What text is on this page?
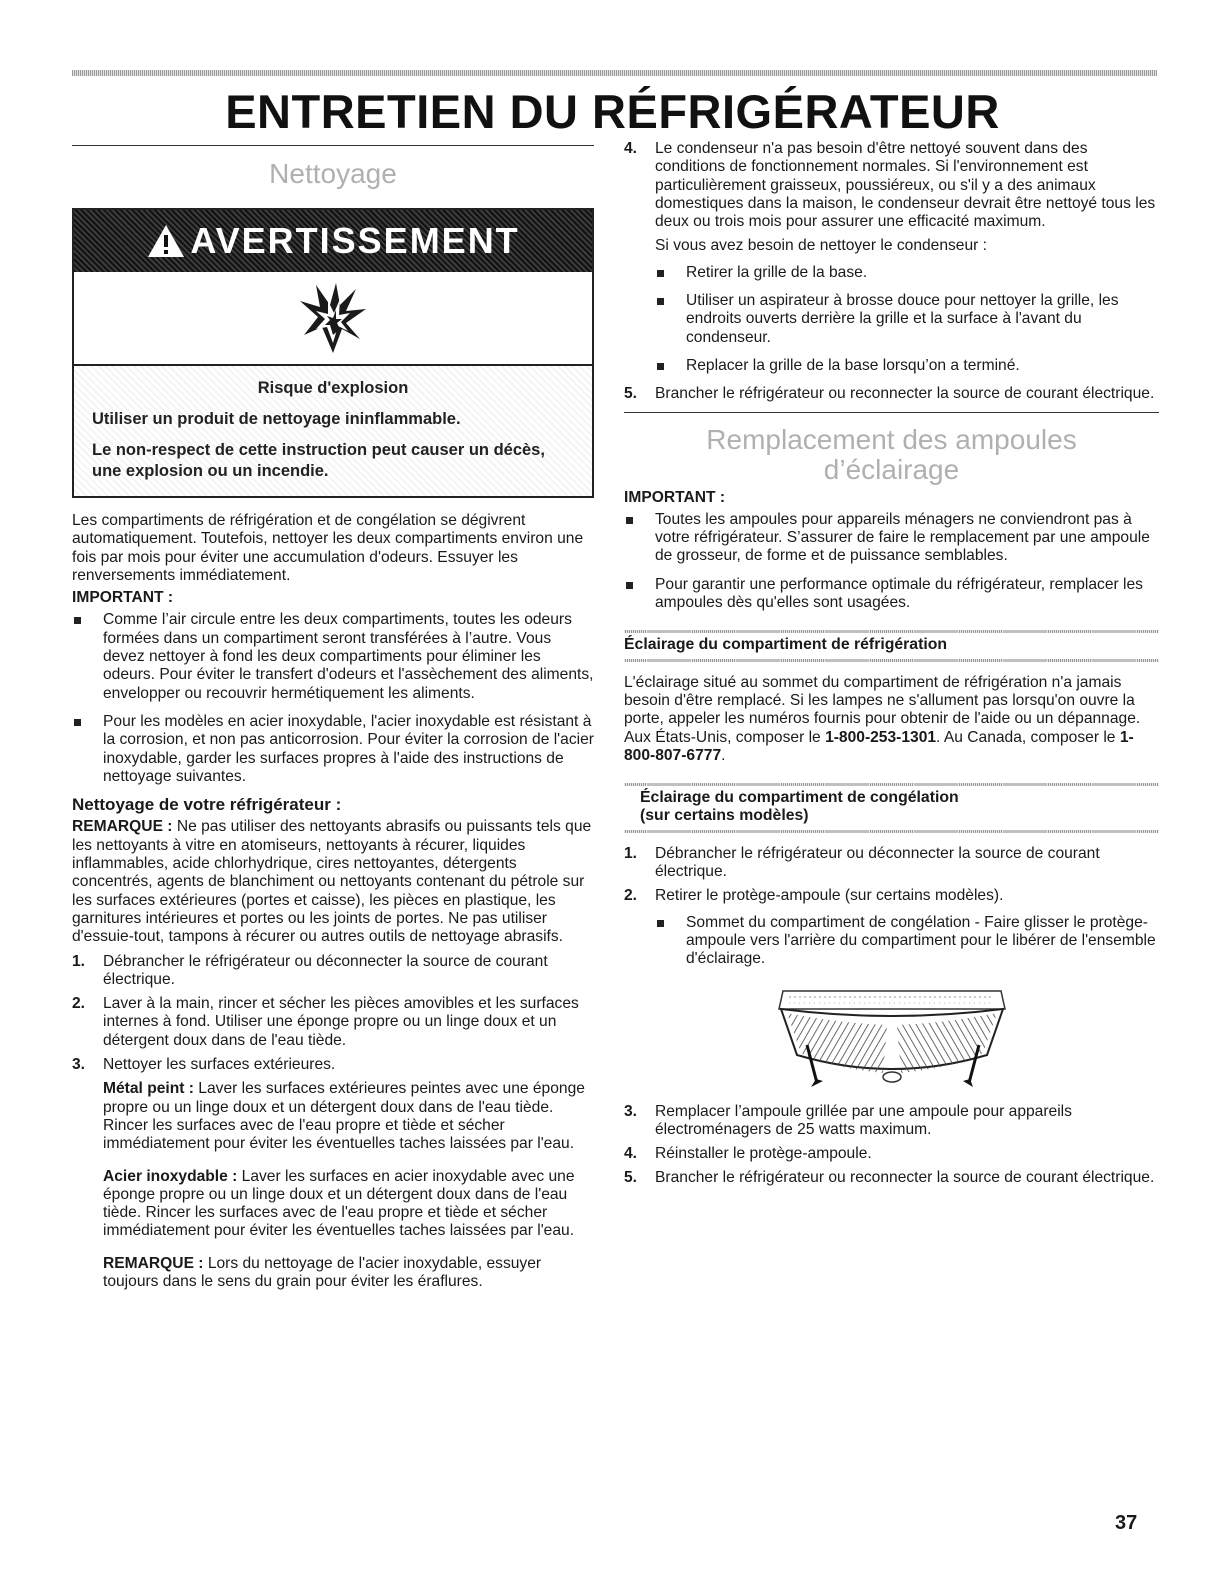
ENTRETIEN DU RÉFRIGÉRATEUR
Nettoyage
AVERTISSEMENT

Risque d'explosion

Utiliser un produit de nettoyage ininflammable.

Le non-respect de cette instruction peut causer un décès, une explosion ou un incendie.

Les compartiments de réfrigération et de congélation se dégivrent automatiquement. Toutefois, nettoyer les deux compartiments environ une fois par mois pour éviter une accumulation d'odeurs. Essuyer les renversements immédiatement.

IMPORTANT :
Comme l’air circule entre les deux compartiments, toutes les odeurs formées dans un compartiment seront transférées à l’autre. Vous devez nettoyer à fond les deux compartiments pour éliminer les odeurs. Pour éviter le transfert d'odeurs et l'assèchement des aliments, envelopper ou recouvrir hermétiquement les aliments.
Pour les modèles en acier inoxydable, l'acier inoxydable est résistant à la corrosion, et non pas anticorrosion. Pour éviter la corrosion de l'acier inoxydable, garder les surfaces propres à l'aide des instructions de nettoyage suivantes.
Nettoyage de votre réfrigérateur :

REMARQUE : Ne pas utiliser des nettoyants abrasifs ou puissants tels que les nettoyants à vitre en atomiseurs, nettoyants à récurer, liquides inflammables, acide chlorhydrique, cires nettoyantes, détergents concentrés, agents de blanchiment ou nettoyants contenant du pétrole sur les surfaces extérieures (portes et caisse), les pièces en plastique, les garnitures intérieures et portes ou les joints de portes. Ne pas utiliser d'essuie-tout, tampons à récurer ou autres outils de nettoyage abrasifs.

1. Débrancher le réfrigérateur ou déconnecter la source de courant électrique.
2. Laver à la main, rincer et sécher les pièces amovibles et les surfaces internes à fond. Utiliser une éponge propre ou un linge doux et un détergent doux dans de l'eau tiède.
3. Nettoyer les surfaces extérieures.

Métal peint : Laver les surfaces extérieures peintes avec une éponge propre ou un linge doux et un détergent doux dans de l'eau tiède. Rincer les surfaces avec de l'eau propre et tiède et sécher immédiatement pour éviter les éventuelles taches laissées par l'eau.

Acier inoxydable : Laver les surfaces en acier inoxydable avec une éponge propre ou un linge doux et un détergent doux dans de l'eau tiède. Rincer les surfaces avec de l'eau propre et tiède et sécher immédiatement pour éviter les éventuelles taches laissées par l'eau.

REMARQUE : Lors du nettoyage de l'acier inoxydable, essuyer toujours dans le sens du grain pour éviter les éraflures.

4. Le condenseur n'a pas besoin d'être nettoyé souvent dans des conditions de fonctionnement normales. Si l'environnement est particulièrement graisseux, poussiéreux, ou s'il y a des animaux domestiques dans la maison, le condenseur devrait être nettoyé tous les deux ou trois mois pour assurer une efficacité maximum.

Si vous avez besoin de nettoyer le condenseur :

Retirer la grille de la base.
Utiliser un aspirateur à brosse douce pour nettoyer la grille, les endroits ouverts derrière la grille et la surface à l'avant du condenseur.
Replacer la grille de la base lorsqu’on a terminé.
5. Brancher le réfrigérateur ou reconnecter la source de courant électrique.
Remplacement des ampoules
d’éclairage
IMPORTANT :
Toutes les ampoules pour appareils ménagers ne conviendront pas à votre réfrigérateur. S’assurer de faire le remplacement par une ampoule de grosseur, de forme et de puissance semblables.
Pour garantir une performance optimale du réfrigérateur, remplacer les ampoules dès qu'elles sont usagées.
Éclairage du compartiment de réfrigération

L'éclairage situé au sommet du compartiment de réfrigération n'a jamais besoin d'être remplacé. Si les lampes ne s'allument pas lorsqu'on ouvre la porte, appeler les numéros fournis pour obtenir de l'aide ou un dépannage. Aux États-Unis, composer le 1-800-253-1301. Au Canada, composer le 1-800-807-6777.

Éclairage du compartiment de congélation
(sur certains modèles)
1. Débrancher le réfrigérateur ou déconnecter la source de courant électrique.
2. Retirer le protège-ampoule (sur certains modèles).
Sommet du compartiment de congélation - Faire glisser le protège-ampoule vers l'arrière du compartiment pour le libérer de l'ensemble d'éclairage.
3. Remplacer l’ampoule grillée par une ampoule pour appareils électroménagers de 25 watts maximum.
4. Réinstaller le protège-ampoule.
5. Brancher le réfrigérateur ou reconnecter la source de courant électrique.
37
